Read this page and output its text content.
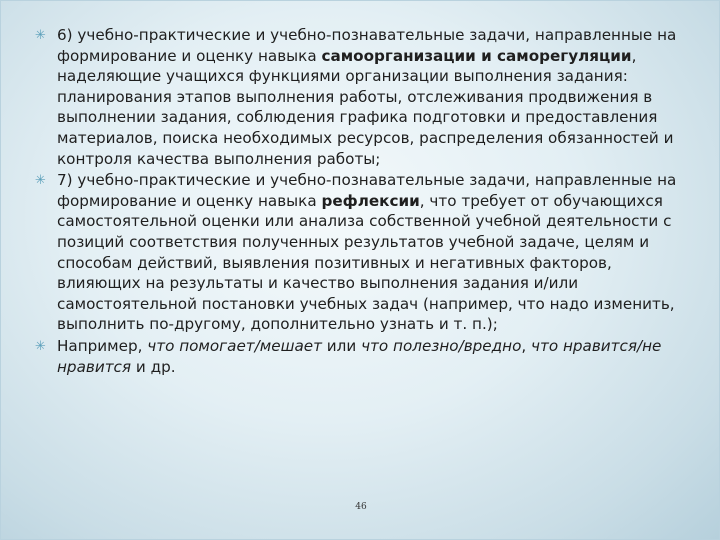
✳ 6) учебно-практические и учебно-познавательные задачи, направленные на формирование и оценку навыка самоорганизации и саморегуляции, наделяющие учащихся функциями организации выполнения задания: планирования этапов выполнения работы, отслеживания продвижения в выполнении задания, соблюдения графика подготовки и предоставления материалов, поиска необходимых ресурсов, распределения обязанностей и контроля качества выполнения работы;
✳ 7) учебно-практические и учебно-познавательные задачи, направленные на формирование и оценку навыка рефлексии, что требует от обучающихся самостоятельной оценки или анализа собственной учебной деятельности с позиций соответствия полученных результатов учебной задаче, целям и способам действий, выявления позитивных и негативных факторов, влияющих на результаты и качество выполнения задания и/или самостоятельной постановки учебных задач (например, что надо изменить, выполнить по-другому, дополнительно узнать и т. п.);
✳ Например, что помогает/мешает или что полезно/вредно, что нравится/не нравится и др.
46
